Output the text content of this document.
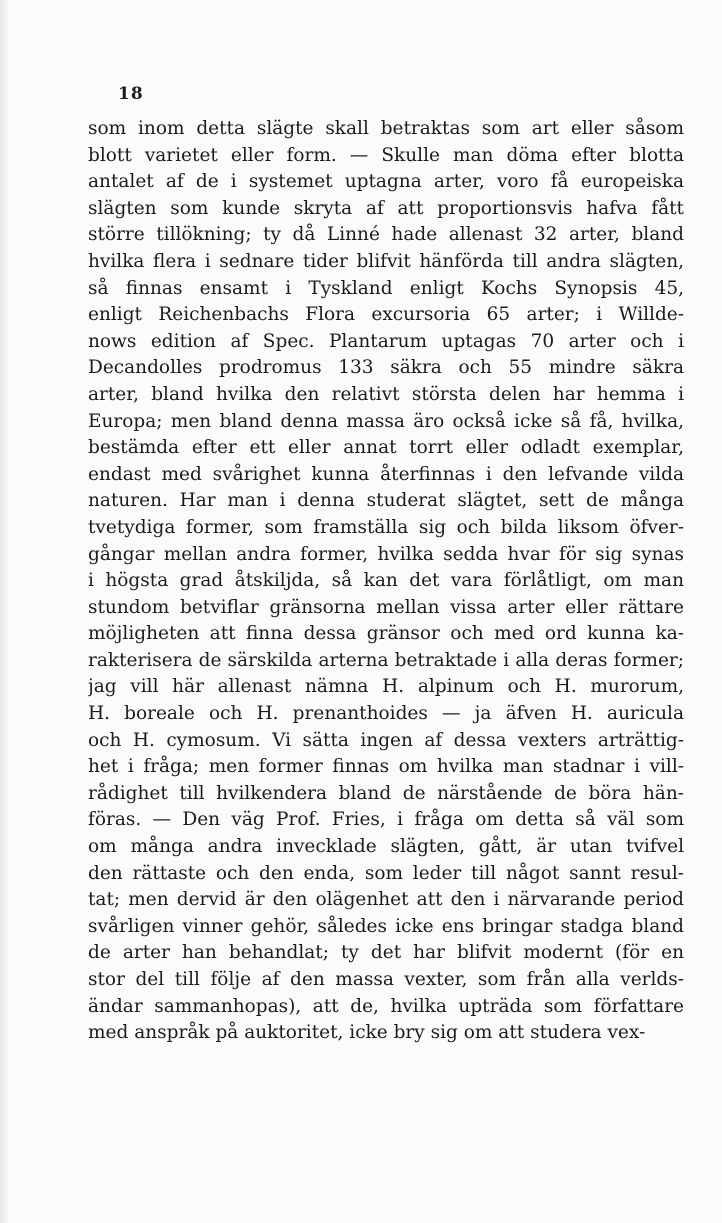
18
som inom detta slägte skall betraktas som art eller såsom
blott varietet eller form. — Skulle man döma efter blotta
antalet af de i systemet uptagna arter, voro få europeiska
slägten som kunde skryta af att proportionsvis hafva fått
större tillökning; ty då Linné hade allenast 32 arter, bland
hvilka flera i sednare tider blifvit hänförda till andra slägten,
så finnas ensamt i Tyskland enligt Kochs Synopsis 45,
enligt Reichenbachs Flora excursoria 65 arter; i Willde-
nows edition af Spec. Plantarum uptagas 70 arter och i
Decandolles prodromus 133 säkra och 55 mindre säkra
arter, bland hvilka den relativt största delen har hemma i
Europa; men bland denna massa äro också icke så få, hvilka,
bestämda efter ett eller annat torrt eller odladt exemplar,
endast med svårighet kunna återfinnas i den lefvande vilda
naturen. Har man i denna studerat slägtet, sett de många
tvetydiga former, som framställa sig och bilda liksom öfver-
gångar mellan andra former, hvilka sedda hvar för sig synas
i högsta grad åtskiljda, så kan det vara förlåtligt, om man
stundom betviflar gränsorna mellan vissa arter eller rättare
möjligheten att finna dessa gränsor och med ord kunna ka-
rakterisera de särskilda arterna betraktade i alla deras former;
jag vill här allenast nämna H. alpinum och H. murorum,
H. boreale och H. prenanthoides — ja äfven H. auricula
och H. cymosum. Vi sätta ingen af dessa vexters arträttig-
het i fråga; men former finnas om hvilka man stadnar i vill-
rådighet till hvilkendera bland de närstående de böra hän-
föras. — Den väg Prof. Fries, i fråga om detta så väl som
om många andra invecklade slägten, gått, är utan tvifvel
den rättaste och den enda, som leder till något sannt resul-
tat; men dervid är den olägenhet att den i närvarande period
svårligen vinner gehör, således icke ens bringar stadga bland
de arter han behandlat; ty det har blifvit modernt (för en
stor del till följe af den massa vexter, som från alla verlds-
ändar sammanhopas), att de, hvilka upträda som författare
med anspråk på auktoritet, icke bry sig om att studera vex-
